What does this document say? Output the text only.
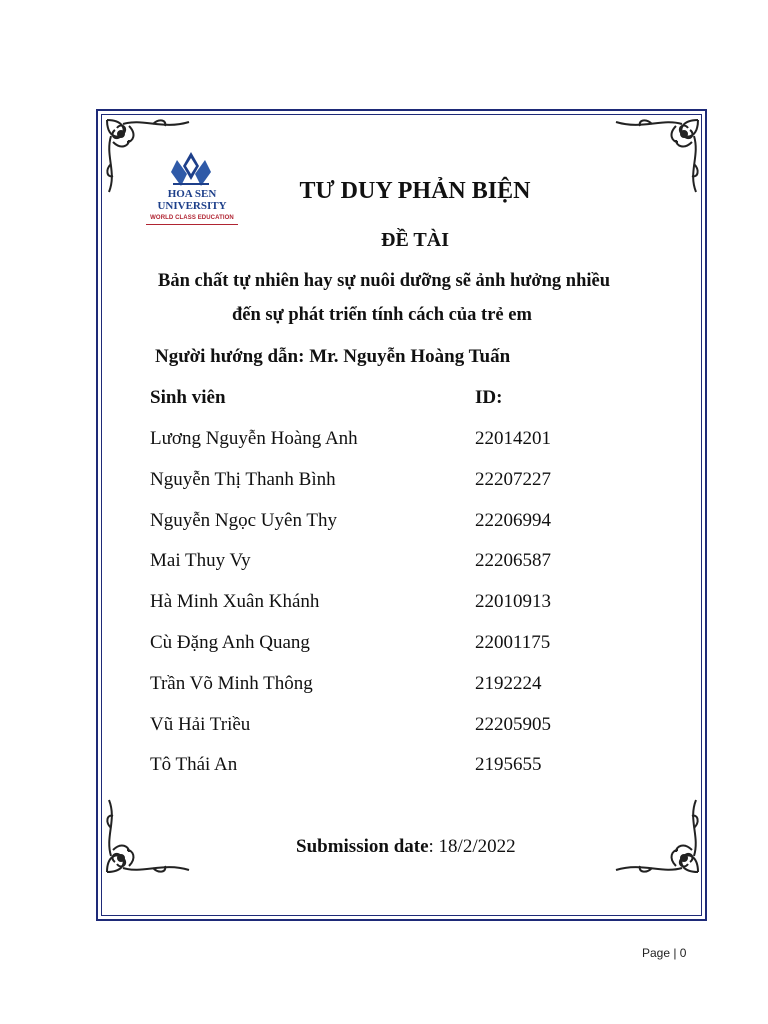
HOA SEN
UNIVERSITY
WORLD CLASS EDUCATION
TƯ DUY PHẢN BIỆN
ĐỀ TÀI
Bản chất tự nhiên hay sự nuôi dưỡng sẽ ảnh hưởng nhiều
đến sự phát triển tính cách của trẻ em
Người hướng dẫn: Mr. Nguyễn Hoàng Tuấn
Sinh viên	ID:
Lương Nguyễn Hoàng Anh	22014201
Nguyễn Thị Thanh Bình	22207227
Nguyễn Ngọc Uyên Thy	22206994
Mai Thuy Vy	22206587
Hà Minh Xuân Khánh	22010913
Cù Đặng Anh Quang	22001175
Trần Võ Minh Thông	2192224
Vũ Hải Triều	22205905
Tô Thái An	2195655
Submission date: 18/2/2022
Page | 0
